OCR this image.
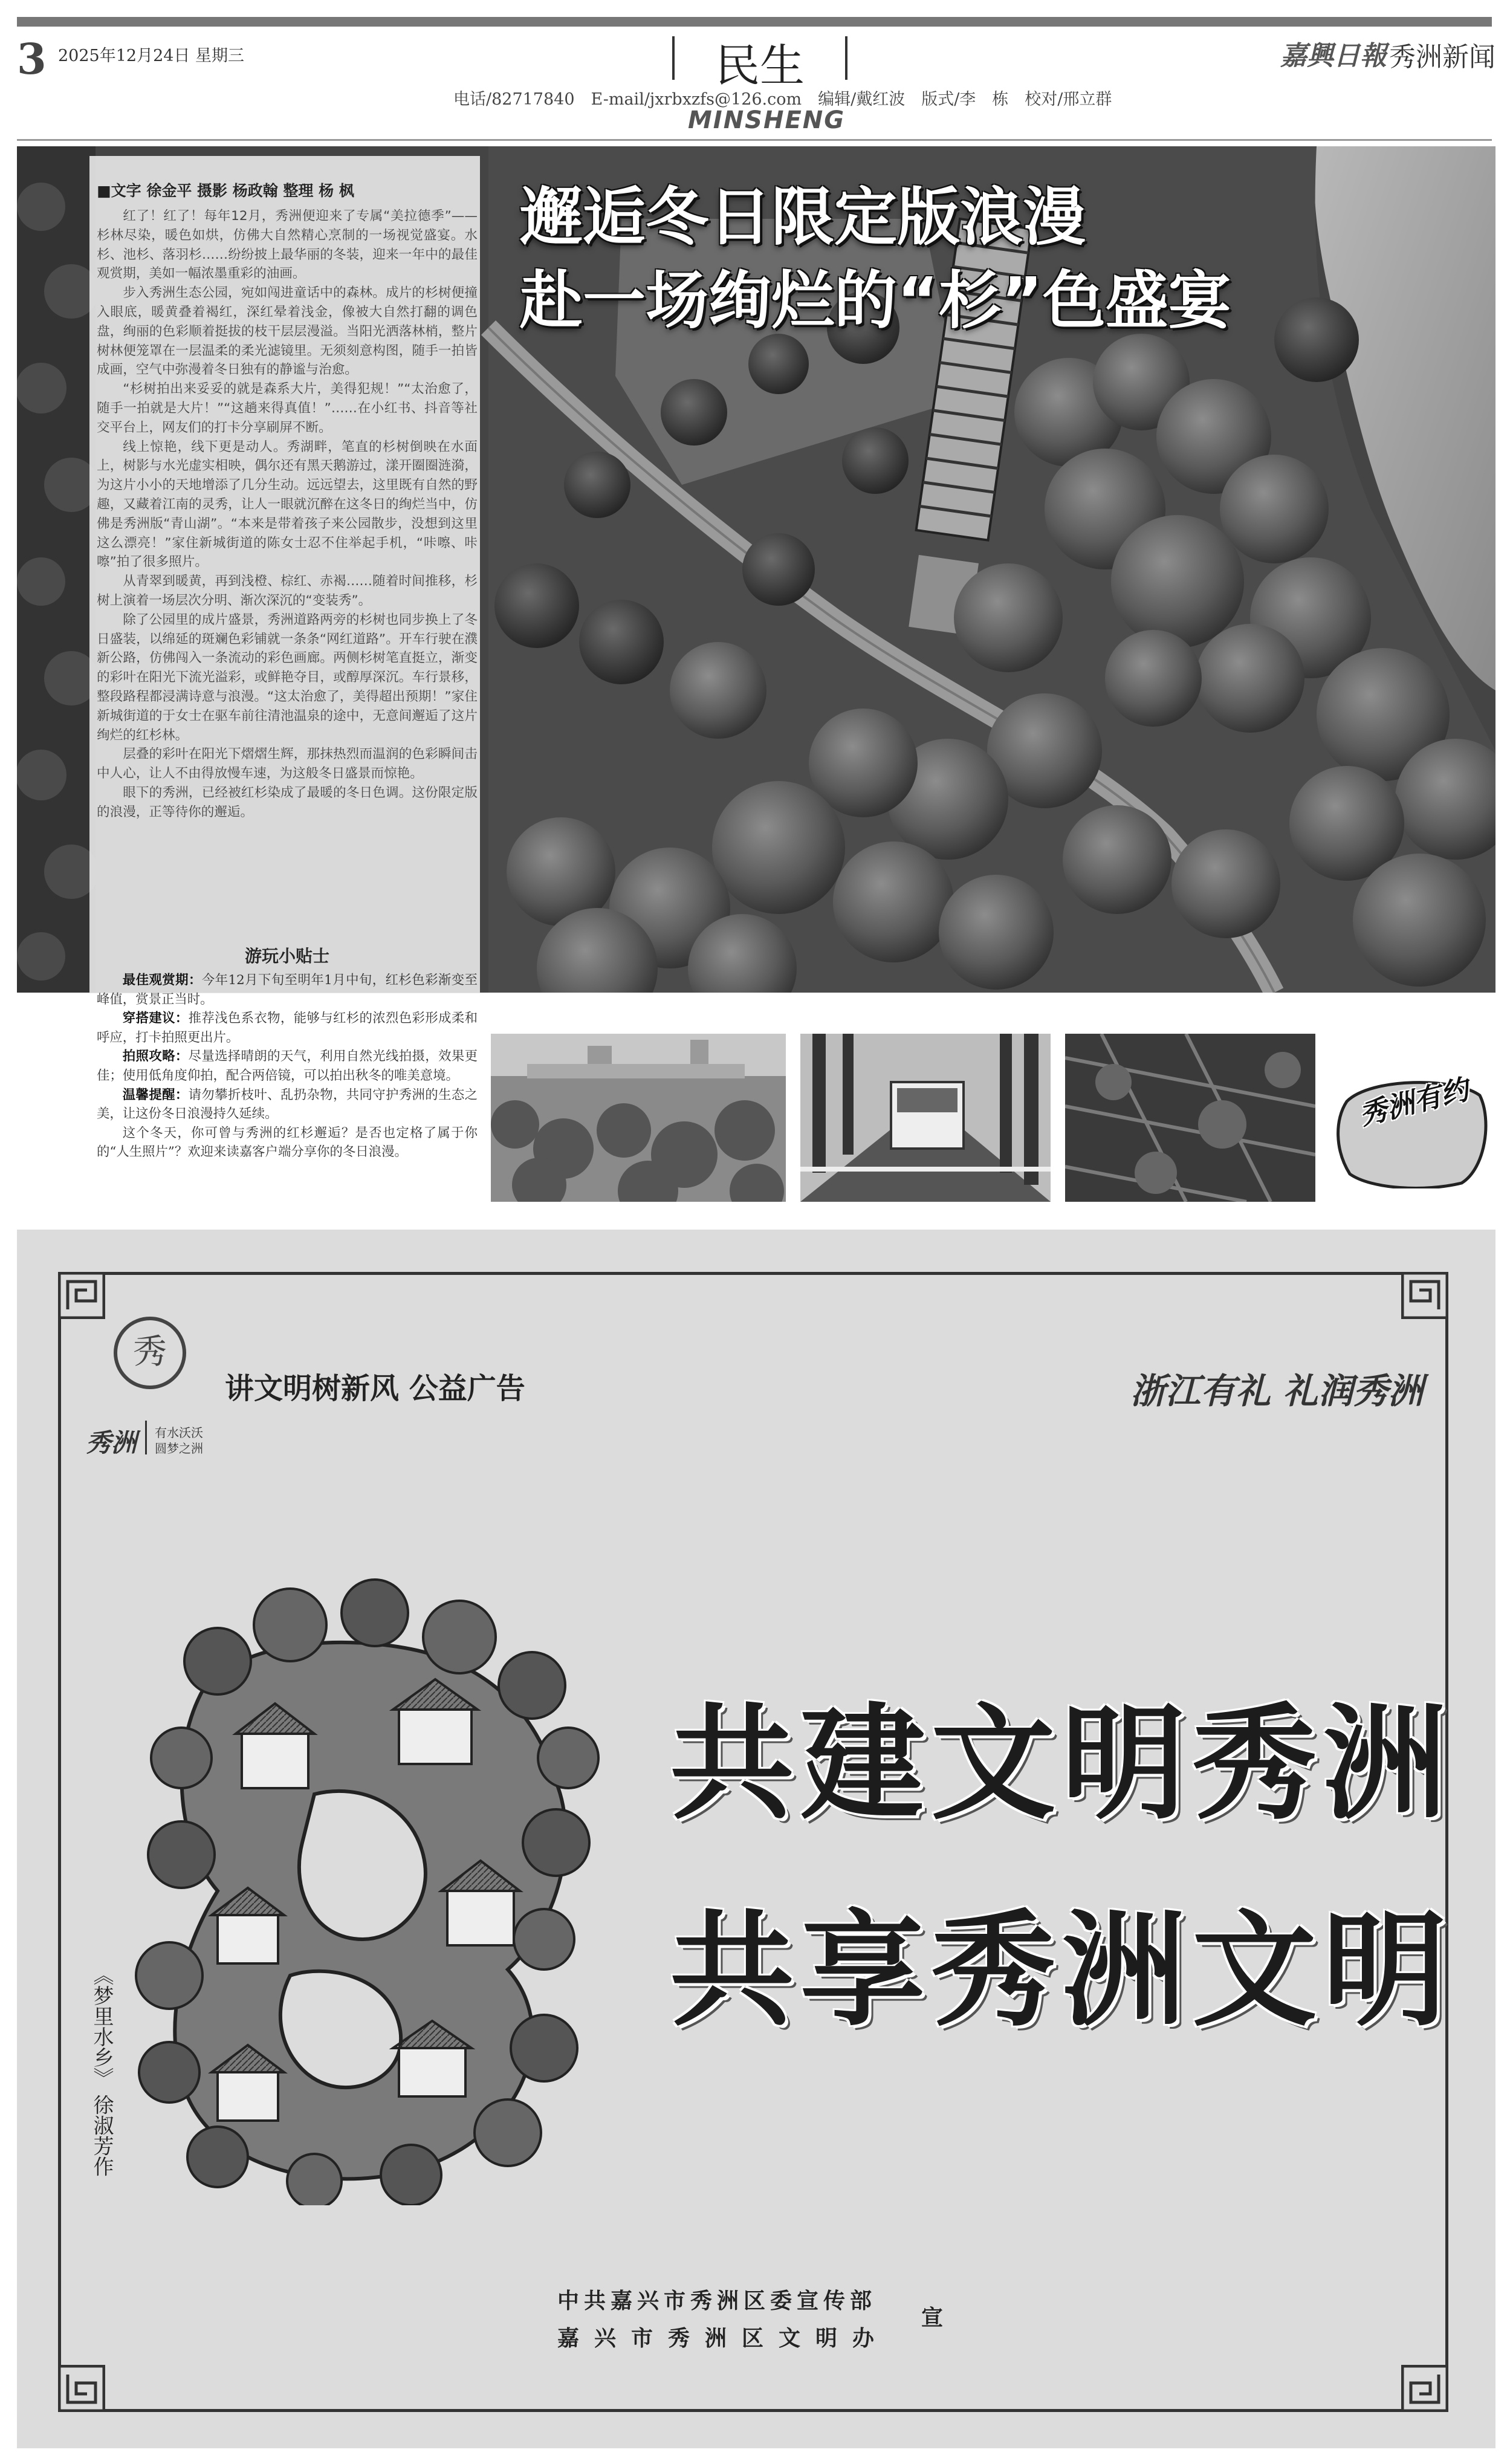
3 2025年12月24日 星期三	民生	嘉興日報 秀洲新闻
电话/82717840　E-mail/jxrbxzfs@126.com　编辑/戴红波　版式/李　栋　校对/邢立群
MINSHENG
■文字 徐金平 摄影 杨政翰 整理 杨 枫

红了！红了！每年12月，秀洲便迎来了专属“美拉德季”——杉林尽染，暖色如烘，仿佛大自然精心烹制的一场视觉盛宴。水杉、池杉、落羽杉……纷纷披上最华丽的冬装，迎来一年中的最佳观赏期，美如一幅浓墨重彩的油画。

步入秀洲生态公园，宛如闯进童话中的森林。成片的杉树便撞入眼底，暖黄叠着褐红，深红晕着浅金，像被大自然打翻的调色盘，绚丽的色彩顺着挺拔的枝干层层漫溢。当阳光洒落林梢，整片树林便笼罩在一层温柔的柔光滤镜里。无须刻意构图，随手一拍皆成画，空气中弥漫着冬日独有的静谧与治愈。

“杉树拍出来妥妥的就是森系大片，美得犯规！”“太治愈了，随手一拍就是大片！”“这趟来得真值！”……在小红书、抖音等社交平台上，网友们的打卡分享刷屏不断。

线上惊艳，线下更是动人。秀湖畔，笔直的杉树倒映在水面上，树影与水光虚实相映，偶尔还有黑天鹅游过，漾开圈圈涟漪，为这片小小的天地增添了几分生动。远远望去，这里既有自然的野趣，又藏着江南的灵秀，让人一眼就沉醉在这冬日的绚烂当中，仿佛是秀洲版“青山湖”。“本来是带着孩子来公园散步，没想到这里这么漂亮！”家住新城街道的陈女士忍不住举起手机，“咔嚓、咔嚓”拍了很多照片。

从青翠到暖黄，再到浅橙、棕红、赤褐……随着时间推移，杉树上演着一场层次分明、渐次深沉的“变装秀”。

除了公园里的成片盛景，秀洲道路两旁的杉树也同步换上了冬日盛装，以绵延的斑斓色彩铺就一条条“网红道路”。开车行驶在濮新公路，仿佛闯入一条流动的彩色画廊。两侧杉树笔直挺立，渐变的彩叶在阳光下流光溢彩，或鲜艳夺目，或醇厚深沉。车行景移，整段路程都浸满诗意与浪漫。“这太治愈了，美得超出预期！”家住新城街道的于女士在驱车前往清池温泉的途中，无意间邂逅了这片绚烂的红杉林。

层叠的彩叶在阳光下熠熠生辉，那抹热烈而温润的色彩瞬间击中人心，让人不由得放慢车速，为这般冬日盛景而惊艳。

眼下的秀洲，已经被红杉染成了最暖的冬日色调。这份限定版的浪漫，正等待你的邂逅。

游玩小贴士

最佳观赏期：今年12月下旬至明年1月中旬，红杉色彩渐变至峰值，赏景正当时。

穿搭建议：推荐浅色系衣物，能够与红杉的浓烈色彩形成柔和呼应，打卡拍照更出片。

拍照攻略：尽量选择晴朗的天气，利用自然光线拍摄，效果更佳；使用低角度仰拍，配合两倍镜，可以拍出秋冬的唯美意境。

温馨提醒：请勿攀折枝叶、乱扔杂物，共同守护秀洲的生态之美，让这份冬日浪漫持久延续。

这个冬天，你可曾与秀洲的红杉邂逅？是否也定格了属于你的“人生照片”？欢迎来读嘉客户端分享你的冬日浪漫。

邂逅冬日限定版浪漫
赴一场绚烂的“杉”色盛宴
秀洲有约
秀
秀洲 有水沃沃
圆梦之洲
讲文明树新风 公益广告	浙江有礼 礼润秀洲
《梦里水乡》 徐淑芳作
共建文明秀洲
共享秀洲文明
中共嘉兴市秀洲区委宣传部
嘉兴市秀洲区文明办
宣
